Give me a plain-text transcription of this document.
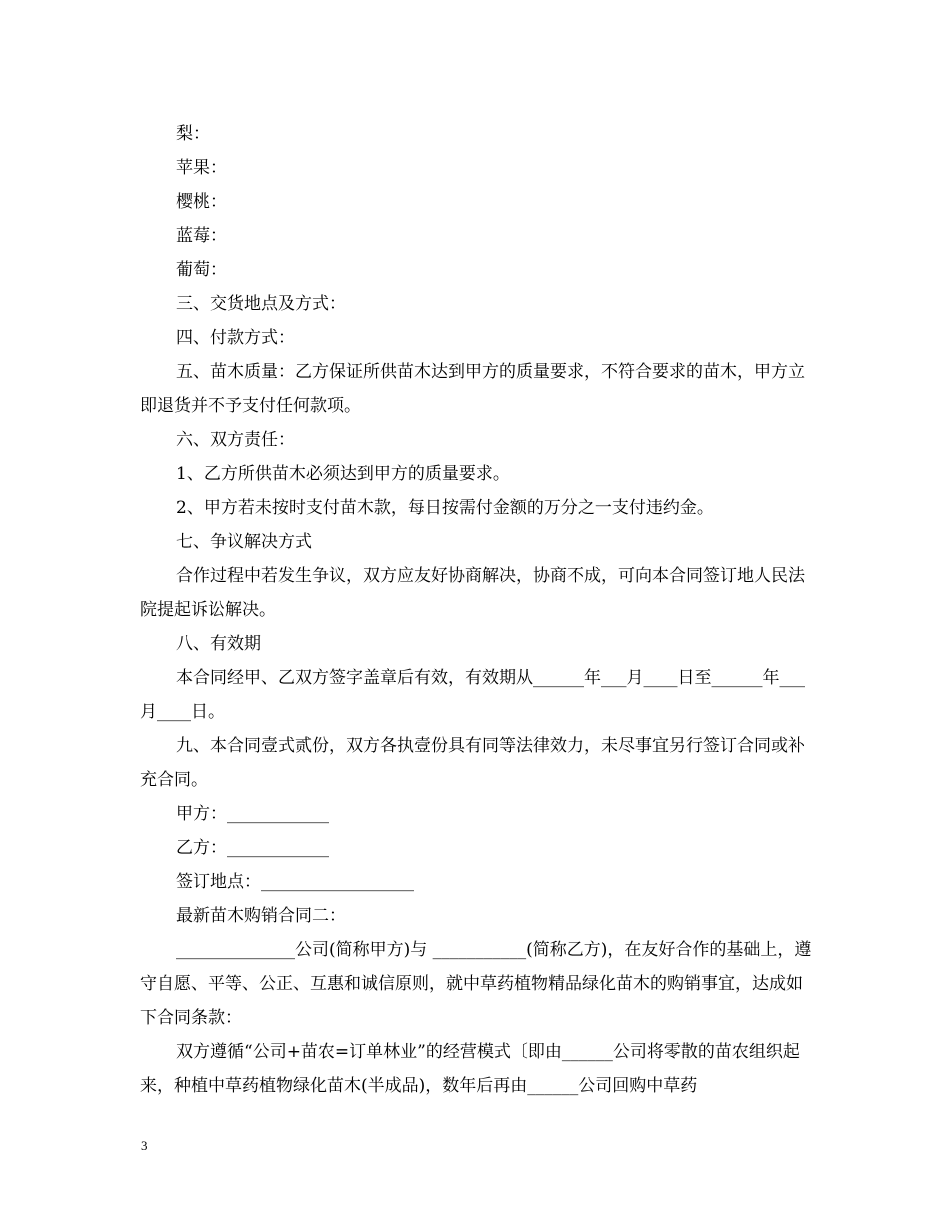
梨：

苹果：

樱桃：

蓝莓：

葡萄：

三、交货地点及方式：

四、付款方式：

五、苗木质量：乙方保证所供苗木达到甲方的质量要求，不符合要求的苗木，甲方立即退货并不予支付任何款项。

六、双方责任：

1、乙方所供苗木必须达到甲方的质量要求。

2、甲方若未按时支付苗木款，每日按需付金额的万分之一支付违约金。

七、争议解决方式

合作过程中若发生争议，双方应友好协商解决，协商不成，可向本合同签订地人民法院提起诉讼解决。

八、有效期

本合同经甲、乙双方签字盖章后有效，有效期从______年___月____日至______年___月____日。

九、本合同壹式贰份，双方各执壹份具有同等法律效力，未尽事宜另行签订合同或补充合同。

甲方：____________

乙方：____________

签订地点：__________________

最新苗木购销合同二：

______________公司(简称甲方)与 ___________(简称乙方)，在友好合作的基础上，遵守自愿、平等、公正、互惠和诚信原则，就中草药植物精品绿化苗木的购销事宜，达成如下合同条款：

双方遵循“公司+苗农=订单林业”的经营模式〔即由______公司将零散的苗农组织起来，种植中草药植物绿化苗木(半成品)，数年后再由______公司回购中草药

3
